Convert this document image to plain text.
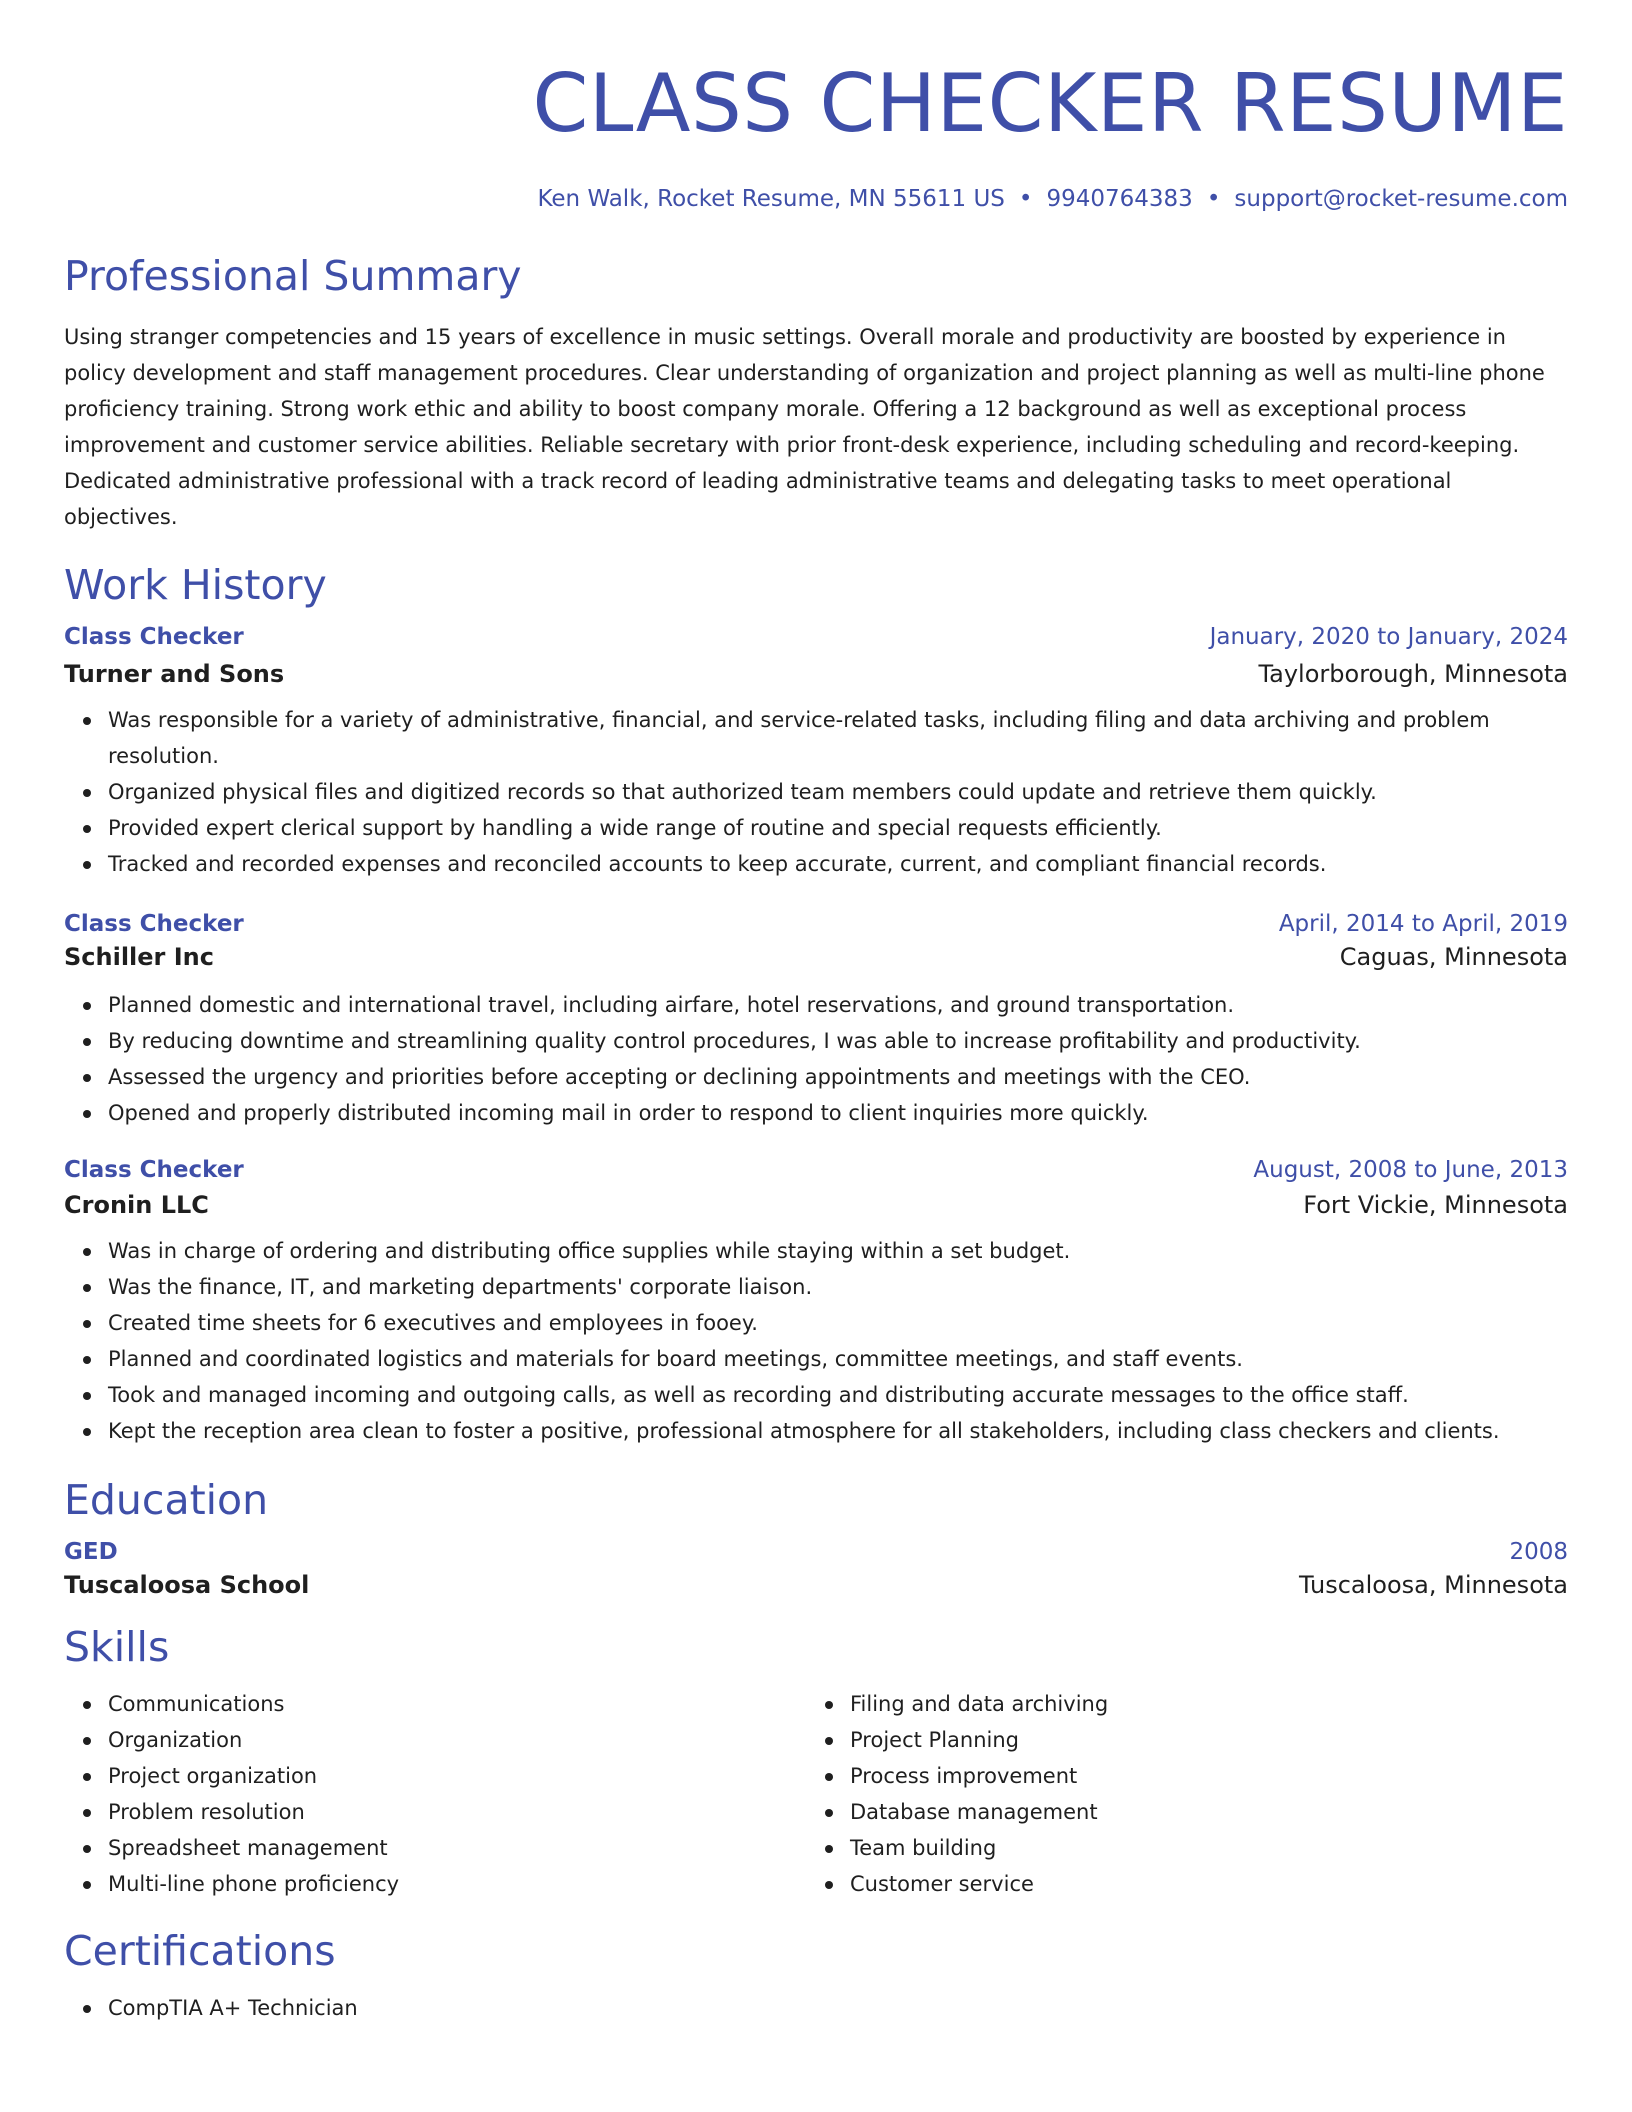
CLASS CHECKER RESUME
Ken Walk, Rocket Resume, MN 55611 US • 9940764383 • support@rocket-resume.com
Professional Summary

Using stranger competencies and 15 years of excellence in music settings. Overall morale and productivity are boosted by experience in policy development and staff management procedures. Clear understanding of organization and project planning as well as multi-line phone proficiency training. Strong work ethic and ability to boost company morale. Offering a 12 background as well as exceptional process improvement and customer service abilities. Reliable secretary with prior front-desk experience, including scheduling and record-keeping. Dedicated administrative professional with a track record of leading administrative teams and delegating tasks to meet operational objectives.

Work History
Class Checker	January, 2020 to January, 2024
Turner and Sons	Taylorborough, Minnesota
Was responsible for a variety of administrative, financial, and service-related tasks, including filing and data archiving and problem resolution.
Organized physical files and digitized records so that authorized team members could update and retrieve them quickly.
Provided expert clerical support by handling a wide range of routine and special requests efficiently.
Tracked and recorded expenses and reconciled accounts to keep accurate, current, and compliant financial records.
Class Checker	April, 2014 to April, 2019
Schiller Inc	Caguas, Minnesota
Planned domestic and international travel, including airfare, hotel reservations, and ground transportation.
By reducing downtime and streamlining quality control procedures, I was able to increase profitability and productivity.
Assessed the urgency and priorities before accepting or declining appointments and meetings with the CEO.
Opened and properly distributed incoming mail in order to respond to client inquiries more quickly.
Class Checker	August, 2008 to June, 2013
Cronin LLC	Fort Vickie, Minnesota
Was in charge of ordering and distributing office supplies while staying within a set budget.
Was the finance, IT, and marketing departments' corporate liaison.
Created time sheets for 6 executives and employees in fooey.
Planned and coordinated logistics and materials for board meetings, committee meetings, and staff events.
Took and managed incoming and outgoing calls, as well as recording and distributing accurate messages to the office staff.
Kept the reception area clean to foster a positive, professional atmosphere for all stakeholders, including class checkers and clients.
Education
GED	2008
Tuscaloosa School	Tuscaloosa, Minnesota
Skills
Communications
Organization
Project organization
Problem resolution
Spreadsheet management
Multi-line phone proficiency
Filing and data archiving
Project Planning
Process improvement
Database management
Team building
Customer service
Certifications
CompTIA A+ Technician
